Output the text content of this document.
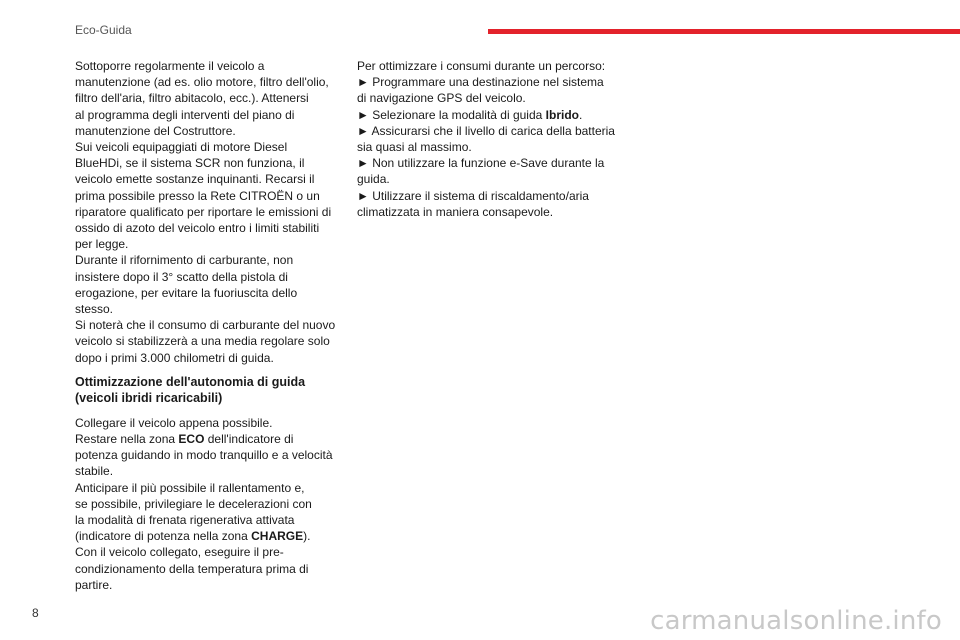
Eco-Guida
Sottoporre regolarmente il veicolo a
manutenzione (ad es. olio motore, filtro dell'olio,
filtro dell'aria, filtro abitacolo, ecc.). Attenersi
al programma degli interventi del piano di
manutenzione del Costruttore.
Sui veicoli equipaggiati di motore Diesel
BlueHDi, se il sistema SCR non funziona, il
veicolo emette sostanze inquinanti. Recarsi il
prima possibile presso la Rete CITROËN o un
riparatore qualificato per riportare le emissioni di
ossido di azoto del veicolo entro i limiti stabiliti
per legge.
Durante il rifornimento di carburante, non
insistere dopo il 3° scatto della pistola di
erogazione, per evitare la fuoriuscita dello
stesso.
Si noterà che il consumo di carburante del nuovo
veicolo si stabilizzerà a una media regolare solo
dopo i primi 3.000 chilometri di guida.
Ottimizzazione dell'autonomia di guida
(veicoli ibridi ricaricabili)
Collegare il veicolo appena possibile.
Restare nella zona ECO dell'indicatore di
potenza guidando in modo tranquillo e a velocità
stabile.
Anticipare il più possibile il rallentamento e,
se possibile, privilegiare le decelerazioni con
la modalità di frenata rigenerativa attivata
(indicatore di potenza nella zona CHARGE).
Con il veicolo collegato, eseguire il pre-
condizionamento della temperatura prima di
partire.
Per ottimizzare i consumi durante un percorso:
► Programmare una destinazione nel sistema
di navigazione GPS del veicolo.
► Selezionare la modalità di guida Ibrido.
► Assicurarsi che il livello di carica della batteria
sia quasi al massimo.
► Non utilizzare la funzione e-Save durante la
guida.
► Utilizzare il sistema di riscaldamento/aria
climatizzata in maniera consapevole.
8	carmanualsonline.info
